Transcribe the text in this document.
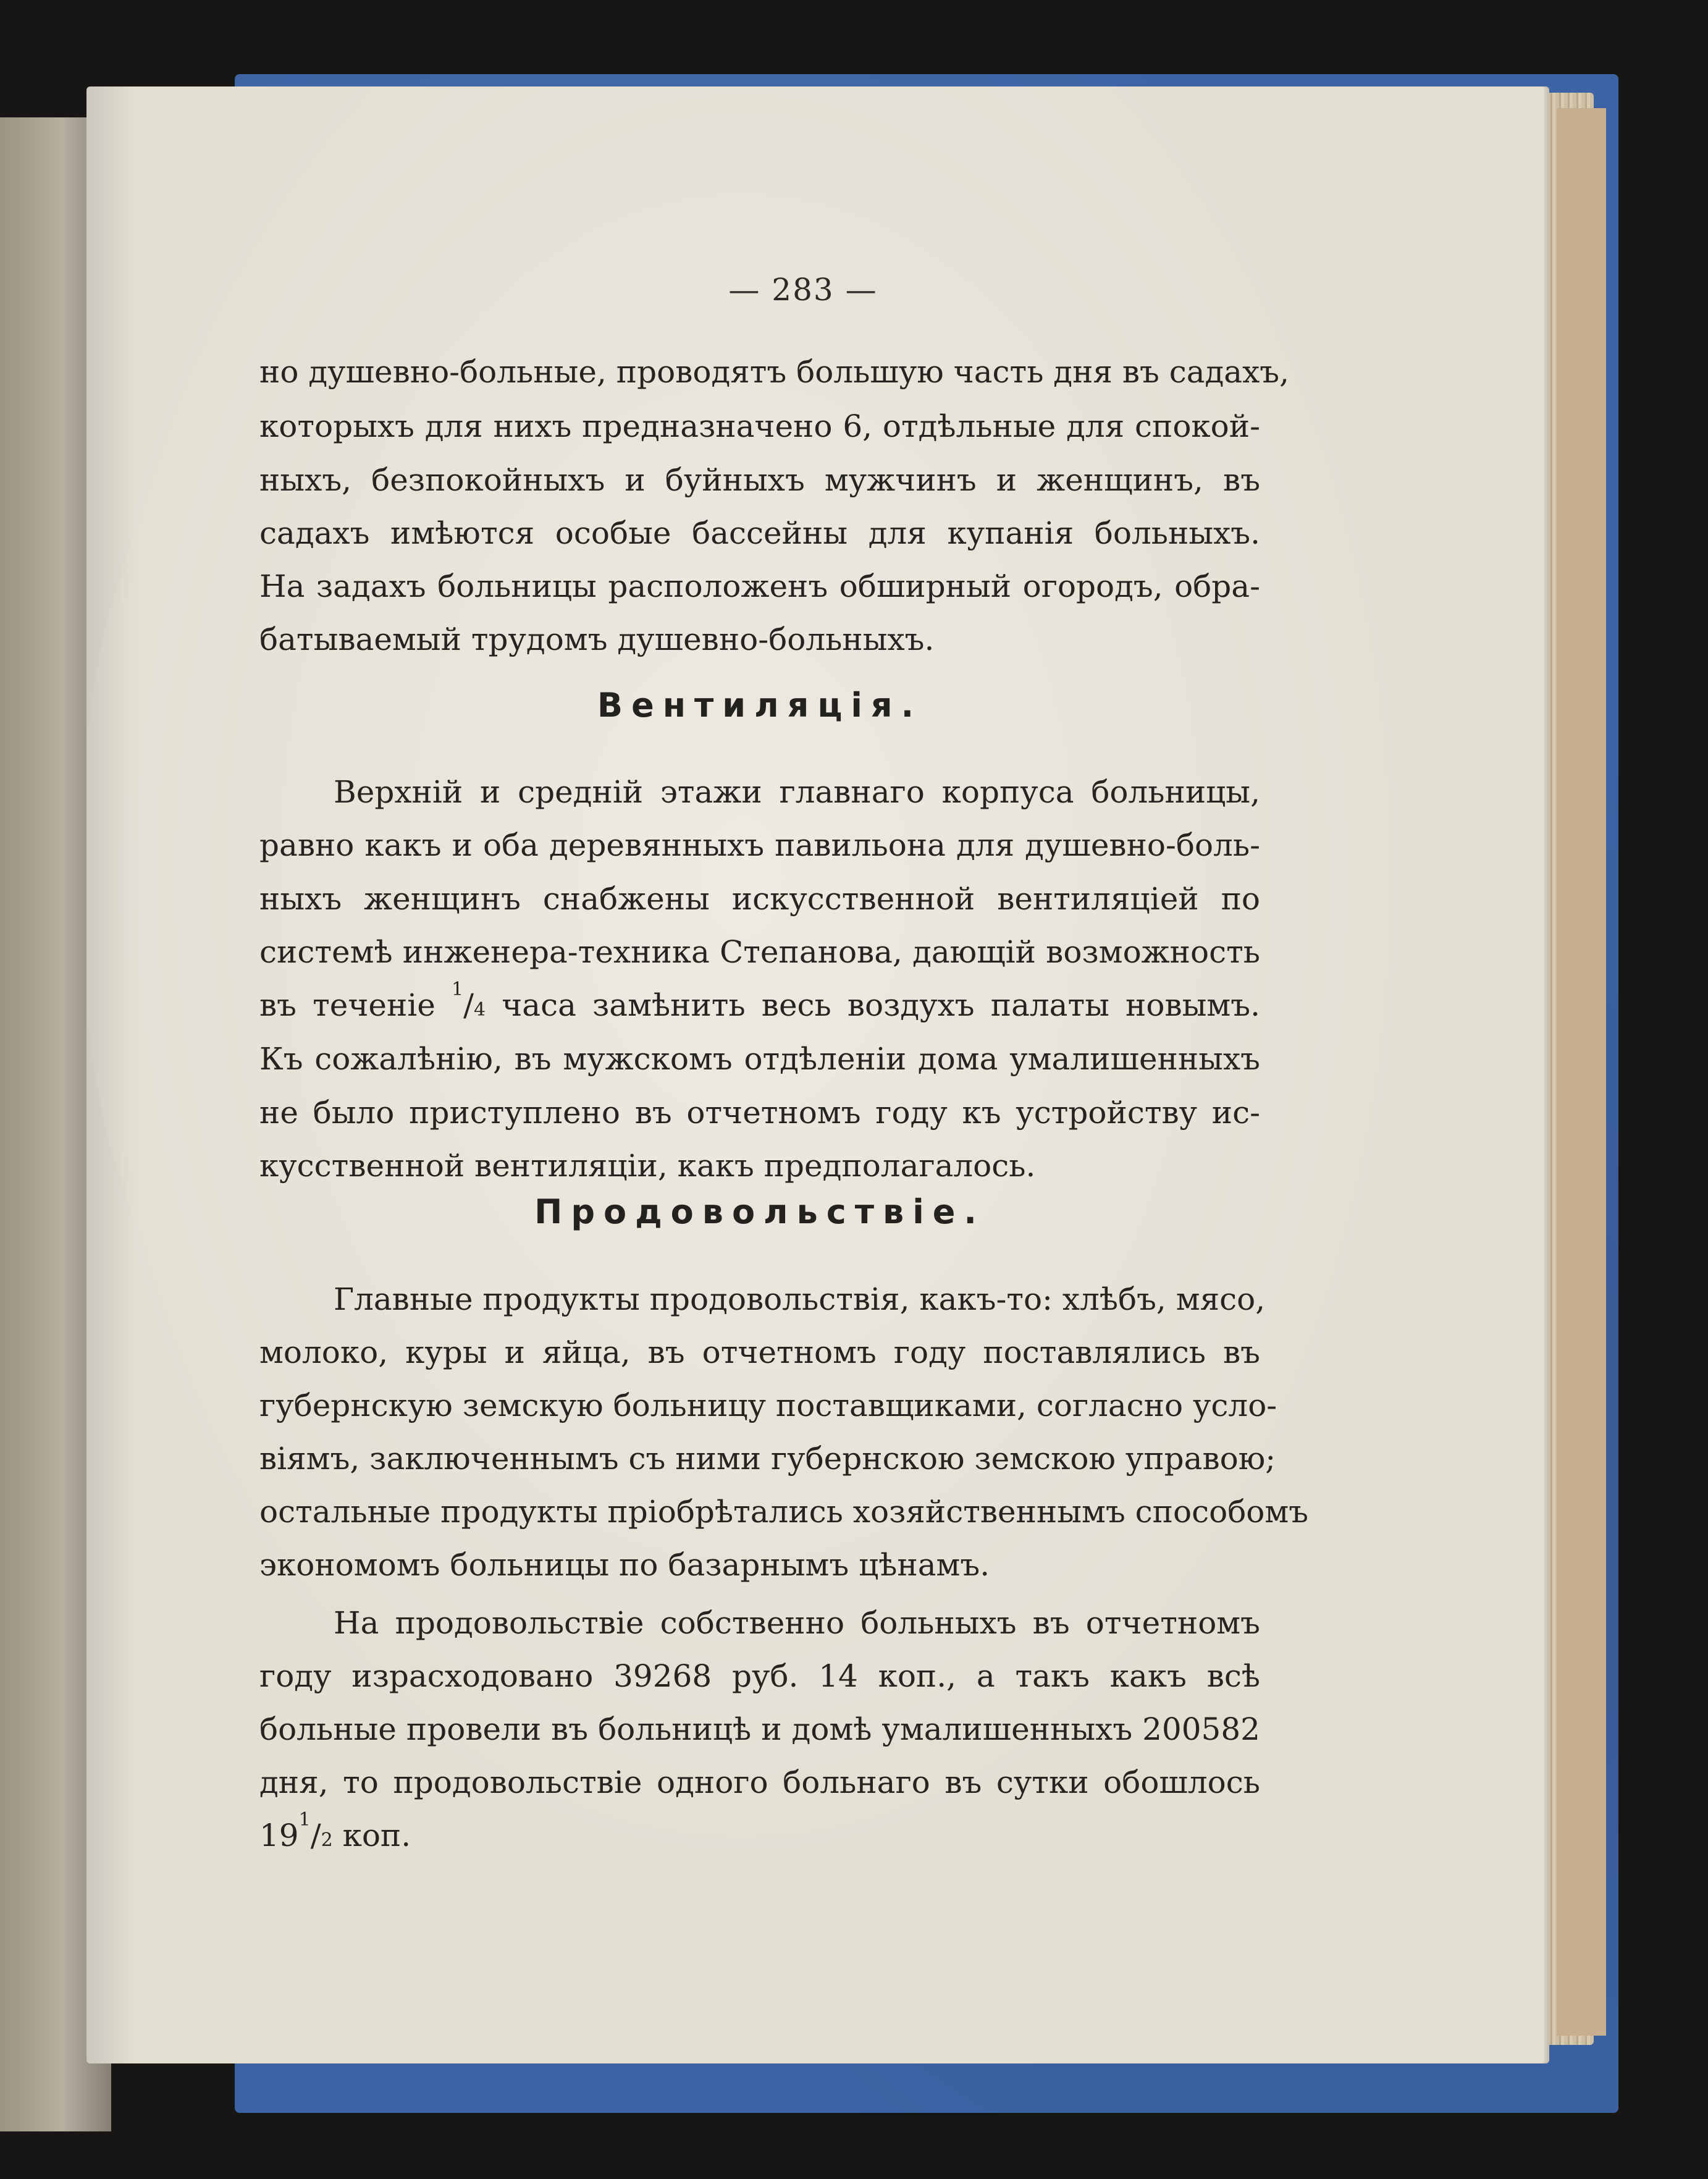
— 283 —
но душевно-больные, проводятъ большую часть дня въ садахъ,
которыхъ для нихъ предназначено 6, отдѣльные для спокой-
ныхъ, безпокойныхъ и буйныхъ мужчинъ и женщинъ, въ
садахъ имѣются особые бассейны для купанія больныхъ.
На задахъ больницы расположенъ обширный огородъ, обра-
батываемый трудомъ душевно-больныхъ.
Вентиляція.
Верхній и средній этажи главнаго корпуса больницы,
равно какъ и оба деревянныхъ павильона для душевно-боль-
ныхъ женщинъ снабжены искусственной вентиляціей по
системѣ инженера-техника Степанова, дающій возможность
въ теченіе $^1$/4 часа замѣнить весь воздухъ палаты новымъ.
Къ сожалѣнію, въ мужскомъ отдѣленіи дома умалишенныхъ
не было приступлено въ отчетномъ году къ устройству ис-
кусственной вентиляціи, какъ предполагалось.
Продовольствіе.
Главные продукты продовольствія, какъ-то: хлѣбъ, мясо,
молоко, куры и яйца, въ отчетномъ году поставлялись въ
губернскую земскую больницу поставщиками, согласно усло-
віямъ, заключеннымъ съ ними губернскою земскою управою;
остальные продукты пріобрѣтались хозяйственнымъ способомъ
экономомъ больницы по базарнымъ цѣнамъ.
На продовольствіе собственно больныхъ въ отчетномъ
году израсходовано 39268 руб. 14 коп., а такъ какъ всѣ
больные провели въ больницѣ и домѣ умалишенныхъ 200582
дня, то продовольствіе одного больнаго въ сутки обошлось
$19^1/2$ коп.
